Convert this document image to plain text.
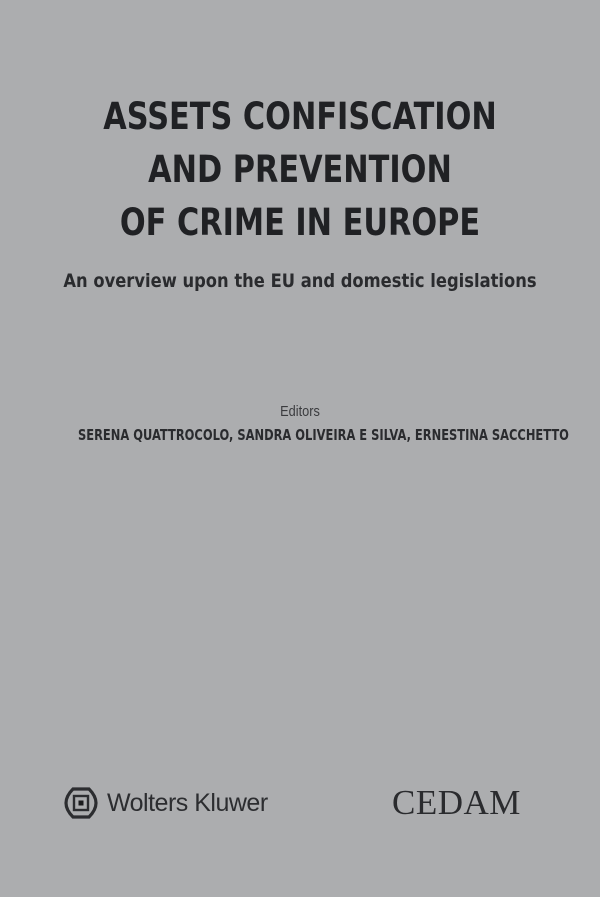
ASSETS CONFISCATION
AND PREVENTION
OF CRIME IN EUROPE
An overview upon the EU and domestic legislations
Editors
SERENA QUATTROCOLO, SANDRA OLIVEIRA E SILVA, ERNESTINA SACCHETTO
Wolters Kluwer	CEDAM
